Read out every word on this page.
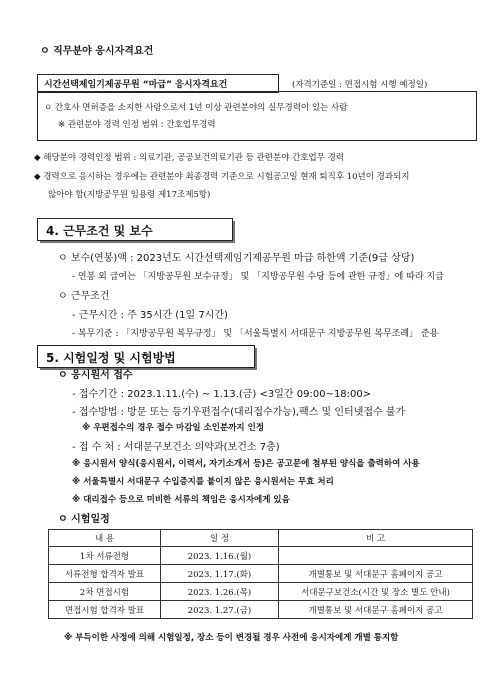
ㅇ 직무분야 응시자격요건
시간선택제임기제공무원 “마급” 응시자격요건	(자격기준일 : 면접시험 시행 예정일)
ㅇ 간호사 면허증을 소지한 사람으로서 1년 이상 관련분야의 실무경력이 있는 사람
※ 관련분야 경력 인정 범위 : 간호업무경력
◆ 해당분야 경력인정 범위 : 의료기관, 공공보건의료기관 등 관련분야 간호업무 경력
◆ 경력으로 응시하는 경우에는 관련분야 최종경력 기준으로 시험공고일 현재 퇴직후 10년이 경과되지
않아야 함(지방공무원 임용령 제17조제5항)
4. 근무조건 및 보수
ㅇ 보수(연봉)액 : 2023년도 시간선택제임기제공무원 마급 하한액 기준(9급 상당)
- 연봉 외 급여는 「지방공무원 보수규정」 및 「지방공무원 수당 등에 관한 규정」에 따라 지급
ㅇ 근무조건
- 근무시간 : 주 35시간 (1일 7시간)
- 복무기준 : 「지방공무원 복무규정」 및 「서울특별시 서대문구 지방공무원 복무조례」 준용
5. 시험일정 및 시험방법
ㅇ 응시원서 접수
- 접수기간 : 2023.1.11.(수) ~ 1.13.(금) <3일간 09:00~18:00>
- 접수방법 : 방문 또는 등기우편접수(대리접수가능),팩스 및 인터넷접수 불가
※ 우편접수의 경우 접수 마감일 소인분까지 인정
- 접 수 처 : 서대문구보건소 의약과(보건소 7층)
※ 응시원서 양식(응시원서, 이력서, 자기소개서 등)은 공고문에 첨부된 양식을 출력하여 사용
※ 서울특별시 서대문구 수입증지를 붙이지 않은 응시원서는 무효 처리
※ 대리접수 등으로 미비한 서류의 책임은 응시자에게 있음
ㅇ 시험일정
내 용	일 정	비 고
1차 서류전형	2023. 1.16.(월)	
서류전형 합격자 발표	2023. 1.17.(화)	개별통보 및 서대문구 홈페이지 공고
2차 면접시험	2023. 1.26.(목)	서대문구보건소(시간 및 장소 별도 안내)
면접시험 합격자 발표	2023. 1.27.(금)	개별통보 및 서대문구 홈페이지 공고
※ 부득이한 사정에 의해 시험일정, 장소 등이 변경될 경우 사전에 응시자에게 개별 통지함
